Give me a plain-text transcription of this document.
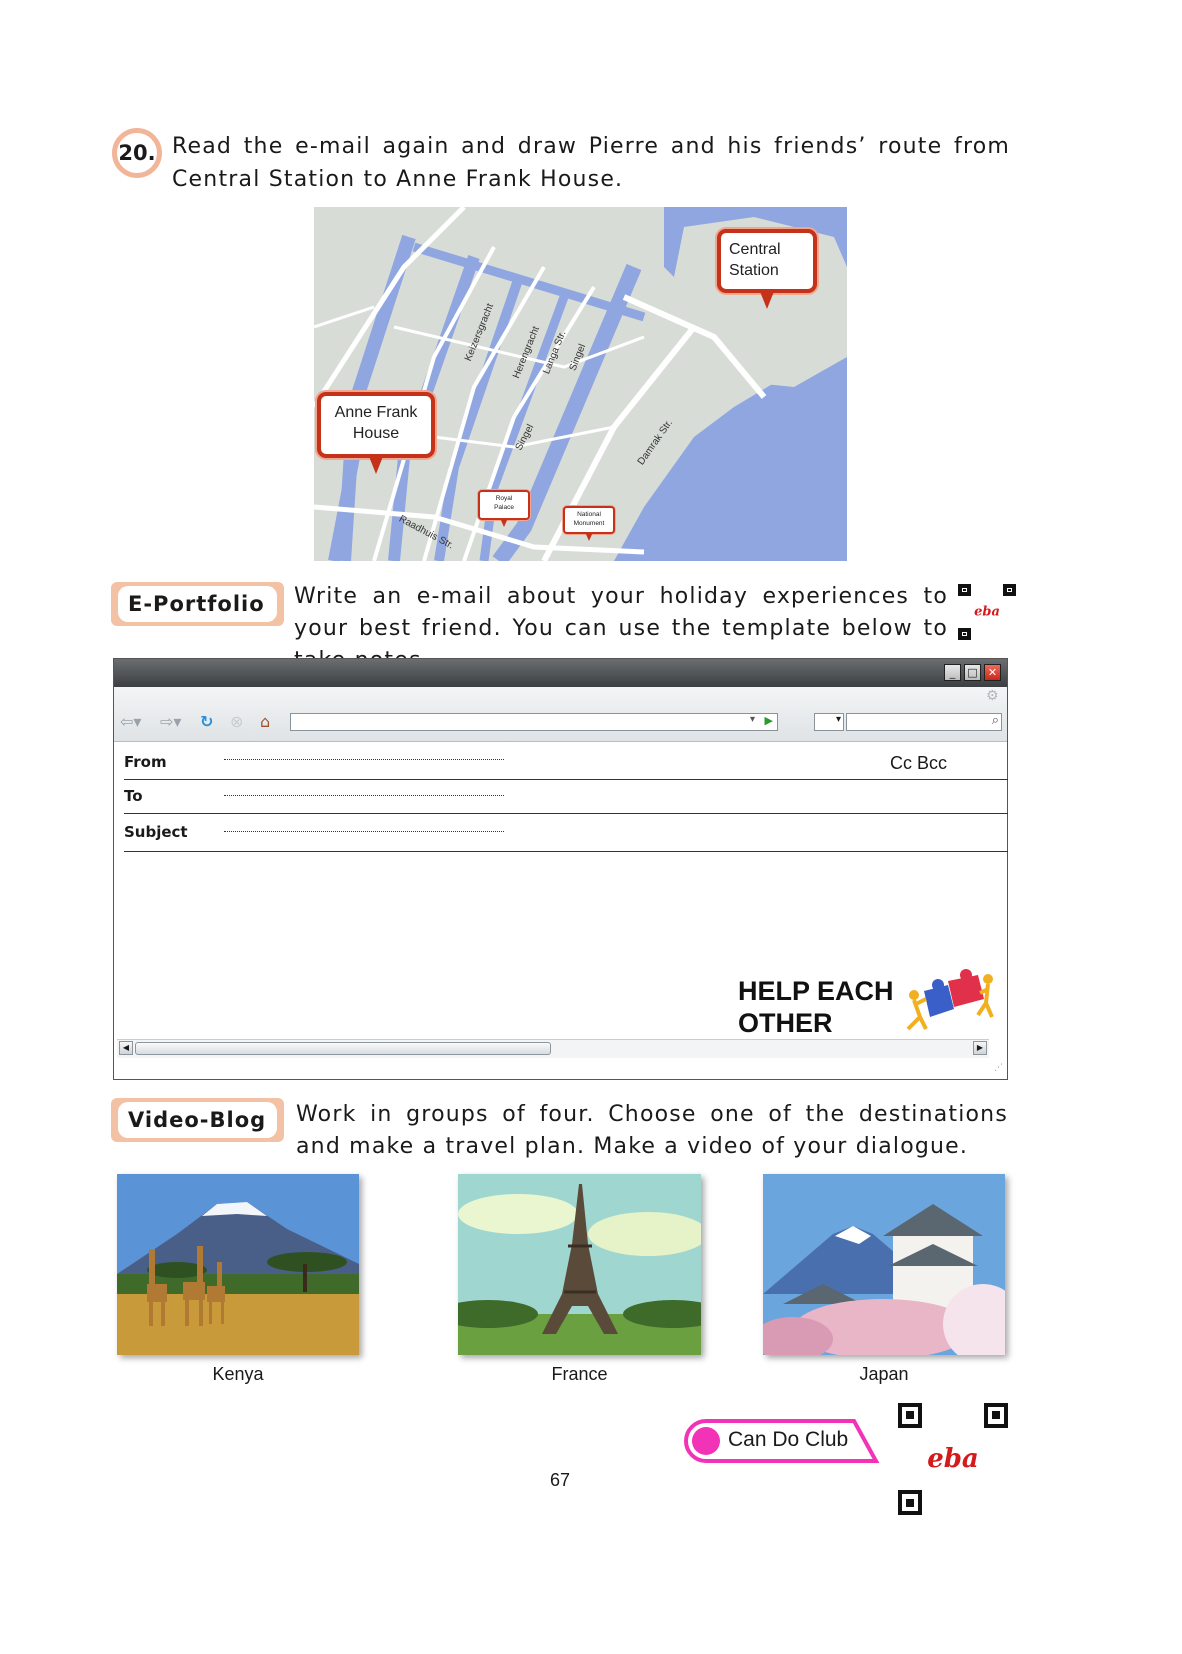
20. Read the e-mail again and draw Pierre and his friends’ route from Central Station to Anne Frank House.
Keizersgracht Herengracht Langa Str. Singel
Singel	Damrak Str.
Raadhuis Str.
Central Station
Anne Frank House
Royal Palace
National Monument
E-Portfolio	Write an e-mail about your holiday experiences to your best friend. You can use the template below to
eba
_	□ ✕
⚙
⇦▾ ⇨▾ ↻ ⊗ ⌂	▾ ▶	▾	⌕
From	Cc Bcc
To
Subject
HELP EACH
OTHER
◀	▶
⋰
Video-Blog	Work in groups of four. Choose one of the destinations and make a travel plan. Make a video of your dialogue.
Kenya	France	Japan
Can Do Club
67
eba
